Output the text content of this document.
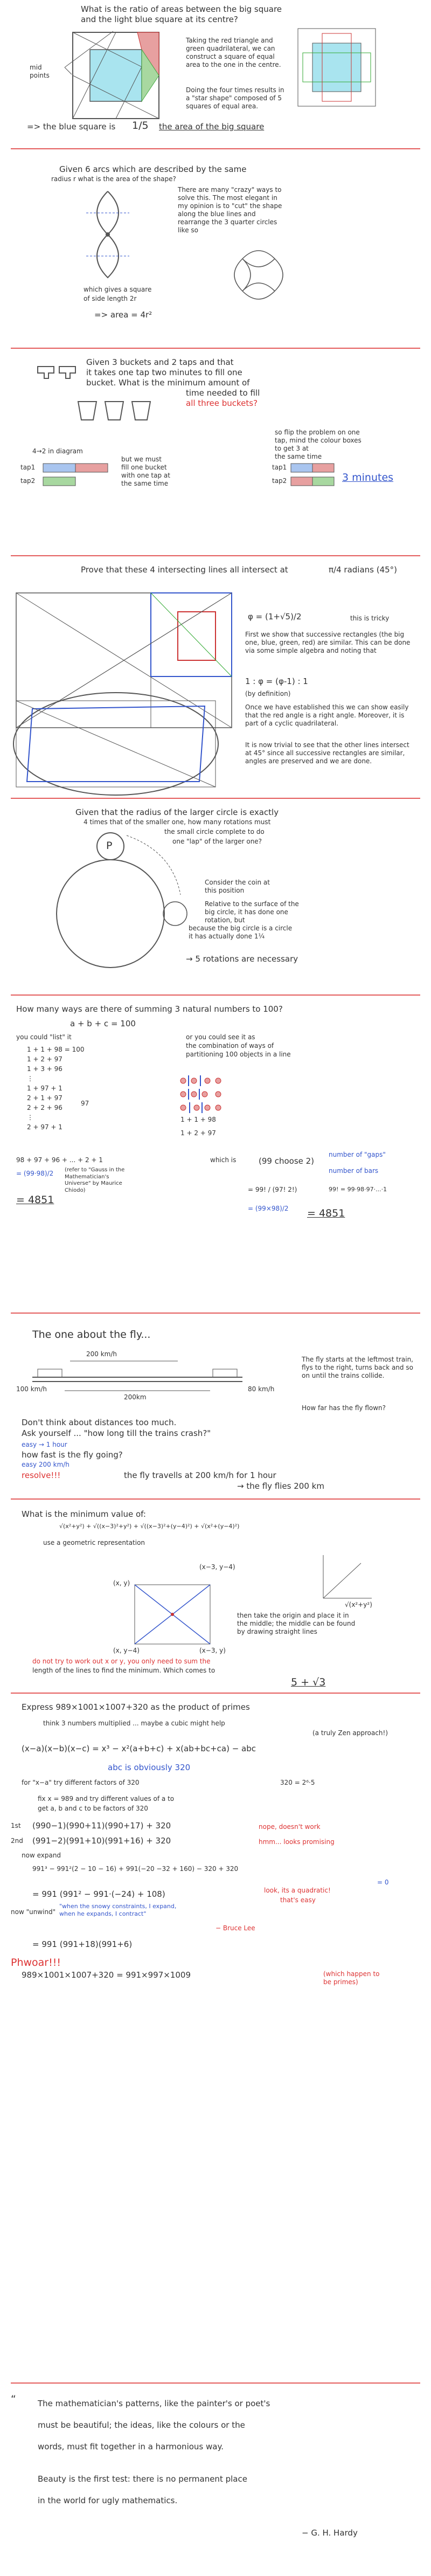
What is the ratio of areas between the big square
and the light blue square at its centre?
mid points
Taking the red triangle and green quadrilateral, we can construct a square of equal area to the one in the centre.
Doing the four times results in a "star shape" composed of 5 squares of equal area.
=> the blue square is 1/5 the area of the big square
Given 6 arcs which are described by the same
radius r what is the area of the shape?
There are many "crazy" ways to solve this. The most elegant in my opinion is to "cut" the shape along the blue lines and rearrange the 3 quarter circles like so
which gives a square
of side length 2r
=> area = 4r²
Given 3 buckets and 2 taps and that
it takes one tap two minutes to fill one
bucket. What is the minimum amount of
time needed to fill
all three buckets?
4→2 in diagram
tap1
tap2
but we must
fill one bucket
with one tap at
the same time
so flip the problem on one
tap, mind the colour boxes
to get 3 at
the same time
tap1
tap2	3 minutes
Prove that these 4 intersecting lines all intersect at	π/4 radians (45°)
φ = (1+√5)/2	this is tricky
First we show that successive rectangles (the big one, blue, green, red) are similar. This can be done via some simple algebra and noting that
1 : φ = (φ-1) : 1
(by definition)
Once we have established this we can show easily that the red angle is a right angle. Moreover, it is part of a cyclic quadrilateral.
It is now trivial to see that the other lines intersect at 45° since all successive rectangles are similar, angles are preserved and we are done.
Given that the radius of the larger circle is exactly
4 times that of the smaller one, how many rotations must
the small circle complete to do
one "lap" of the larger one?
P
Consider the coin at this position
Relative to the surface of the big circle, it has done one rotation, but
because the big circle is a circle it has actually done 1¼
→ 5 rotations are necessary
How many ways are there of summing 3 natural numbers to 100?
a + b + c = 100
you could "list" it
1 + 1 + 98 = 100
1 + 2 + 97
1 + 3 + 96
⋮
1 + 97 + 1
2 + 1 + 97
2 + 2 + 96
⋮
2 + 97 + 1
97
98 + 97 + 96 + ... + 2 + 1
= (99·98)/2 (refer to "Gauss in the Mathematician's Universe" by Maurice Chiodo)
= 4851
or you could see it as
the combination of ways of
partitioning 100 objects in a line
1 + 1 + 98
1 + 2 + 97
which is	(99 choose 2)
number of "gaps"
number of bars
= 99! / (97! 2!)
= (99×98)/2 = 4851
99! = 99·98·97·...·1
The one about the fly...
200 km/h
100 km/h
200km
80 km/h
The fly starts at the leftmost train, flys to the right, turns back and so on until the trains collide.
How far has the fly flown?
Don't think about distances too much.
Ask yourself ... "how long till the trains crash?"
easy → 1 hour
how fast is the fly going?
easy 200 km/h
resolve!!!	the fly travells at 200 km/h for 1 hour
→ the fly flies 200 km
What is the minimum value of:
√(x²+y²) + √((x−3)²+y²) + √((x−3)²+(y−4)²) + √(x²+(y−4)²)
use a geometric representation
(x, y)
(x−3, y−4)
(x, y−4)	(x−3, y)
√(x²+y²)
then take the origin and place it in the middle; the middle can be found by drawing straight lines
do not try to work out x or y, you only need to sum the
length of the lines to find the minimum. Which comes to
5 + √3
Express 989×1001×1007+320 as the product of primes
think 3 numbers multiplied ... maybe a cubic might help
(a truly Zen approach!)
(x−a)(x−b)(x−c) = x³ − x²(a+b+c) + x(ab+bc+ca) − abc
abc is obviously 320
for "x−a" try different factors of 320	320 = 2⁶·5
fix x = 989 and try different values of a to
get a, b and c to be factors of 320
1st (990−1)(990+11)(990+17) + 320	nope, doesn't work
2nd (991−2)(991+10)(991+16) + 320	hmm... looks promising
now expand
991³ − 991²(2 − 10 − 16) + 991(−20 −32 + 160) − 320 + 320
= 0
= 991 (991² − 991·(−24) + 108)	look, its a quadratic!
that's easy
now "unwind"
"when the snowy constraints, I expand, when he expands, I contract"
− Bruce Lee
= 991 (991+18)(991+6)
Phwoar!!!
989×1001×1007+320 = 991×997×1009	(which happen to be primes)
“	The mathematician's patterns, like the painter's or poet's
must be beautiful; the ideas, like the colours or the
words, must fit together in a harmonious way.
Beauty is the first test: there is no permanent place
in the world for ugly mathematics.
− G. H. Hardy
